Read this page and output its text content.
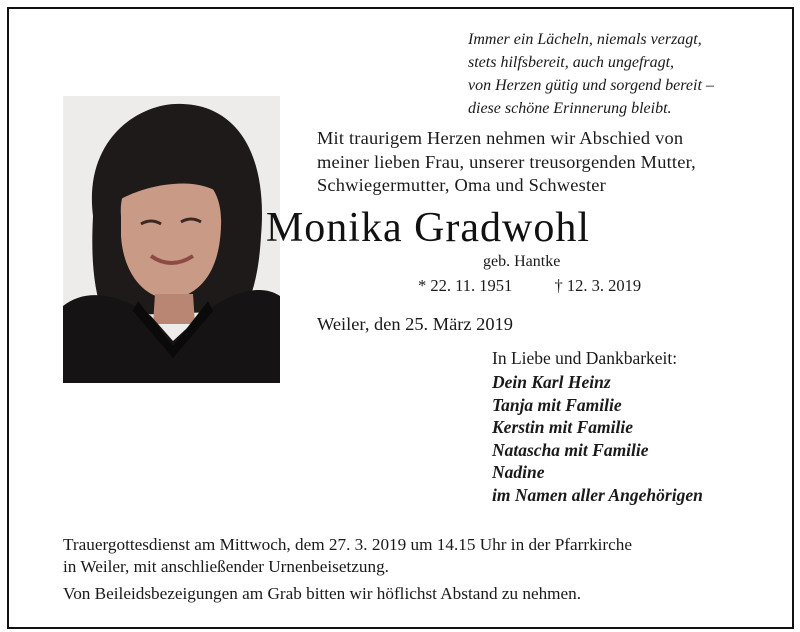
Immer ein Lächeln, niemals verzagt,
stets hilfsbereit, auch ungefragt,
von Herzen gütig und sorgend bereit –
diese schöne Erinnerung bleibt.
Mit traurigem Herzen nehmen wir Abschied von
meiner lieben Frau, unserer treusorgenden Mutter,
Schwiegermutter, Oma und Schwester
Monika Gradwohl
geb. Hantke
* 22. 11. 1951	† 12. 3. 2019
Weiler, den 25. März 2019
In Liebe und Dankbarkeit:
Dein Karl Heinz
Tanja mit Familie
Kerstin mit Familie
Natascha mit Familie
Nadine
im Namen aller Angehörigen
Trauergottesdienst am Mittwoch, dem 27. 3. 2019 um 14.15 Uhr in der Pfarrkirche
in Weiler, mit anschließender Urnenbeisetzung.
Von Beileidsbezeigungen am Grab bitten wir höflichst Abstand zu nehmen.
